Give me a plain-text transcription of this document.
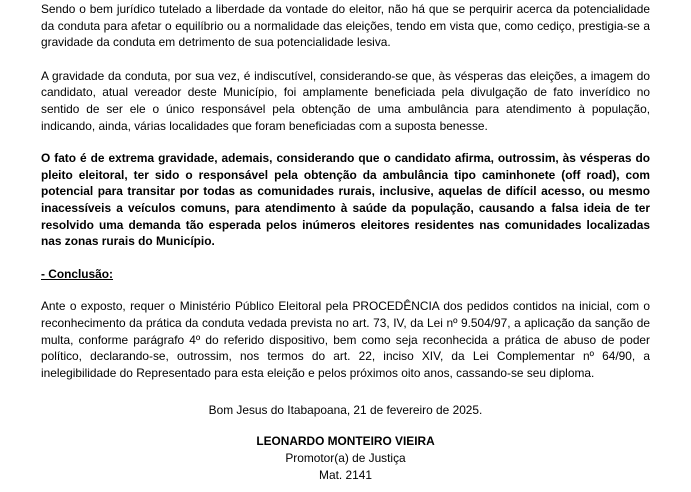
Sendo o bem jurídico tutelado a liberdade da vontade do eleitor, não há que se perquirir acerca da potencialidade da conduta para afetar o equilíbrio ou a normalidade das eleições, tendo em vista que, como cediço, prestigia-se a gravidade da conduta em detrimento de sua potencialidade lesiva.

A gravidade da conduta, por sua vez, é indiscutível, considerando-se que, às vésperas das eleições, a imagem do candidato, atual vereador deste Município, foi amplamente beneficiada pela divulgação de fato inverídico no sentido de ser ele o único responsável pela obtenção de uma ambulância para atendimento à população, indicando, ainda, várias localidades que foram beneficiadas com a suposta benesse.

O fato é de extrema gravidade, ademais, considerando que o candidato afirma, outrossim, às vésperas do pleito eleitoral, ter sido o responsável pela obtenção da ambulância tipo caminhonete (off road), com potencial para transitar por todas as comunidades rurais, inclusive, aquelas de difícil acesso, ou mesmo inacessíveis a veículos comuns, para atendimento à saúde da população, causando a falsa ideia de ter resolvido uma demanda tão esperada pelos inúmeros eleitores residentes nas comunidades localizadas nas zonas rurais do Município.

- Conclusão:

Ante o exposto, requer o Ministério Público Eleitoral pela PROCEDÊNCIA dos pedidos contidos na inicial, com o reconhecimento da prática da conduta vedada prevista no art. 73, IV, da Lei nº 9.504/97, a aplicação da sanção de multa, conforme parágrafo 4º do referido dispositivo, bem como seja reconhecida a prática de abuso de poder político, declarando-se, outrossim, nos termos do art. 22, inciso XIV, da Lei Complementar nº 64/90, a inelegibilidade do Representado para esta eleição e pelos próximos oito anos, cassando-se seu diploma.

Bom Jesus do Itabapoana, 21 de fevereiro de 2025.
LEONARDO MONTEIRO VIEIRA
Promotor(a) de Justiça
Mat. 2141
